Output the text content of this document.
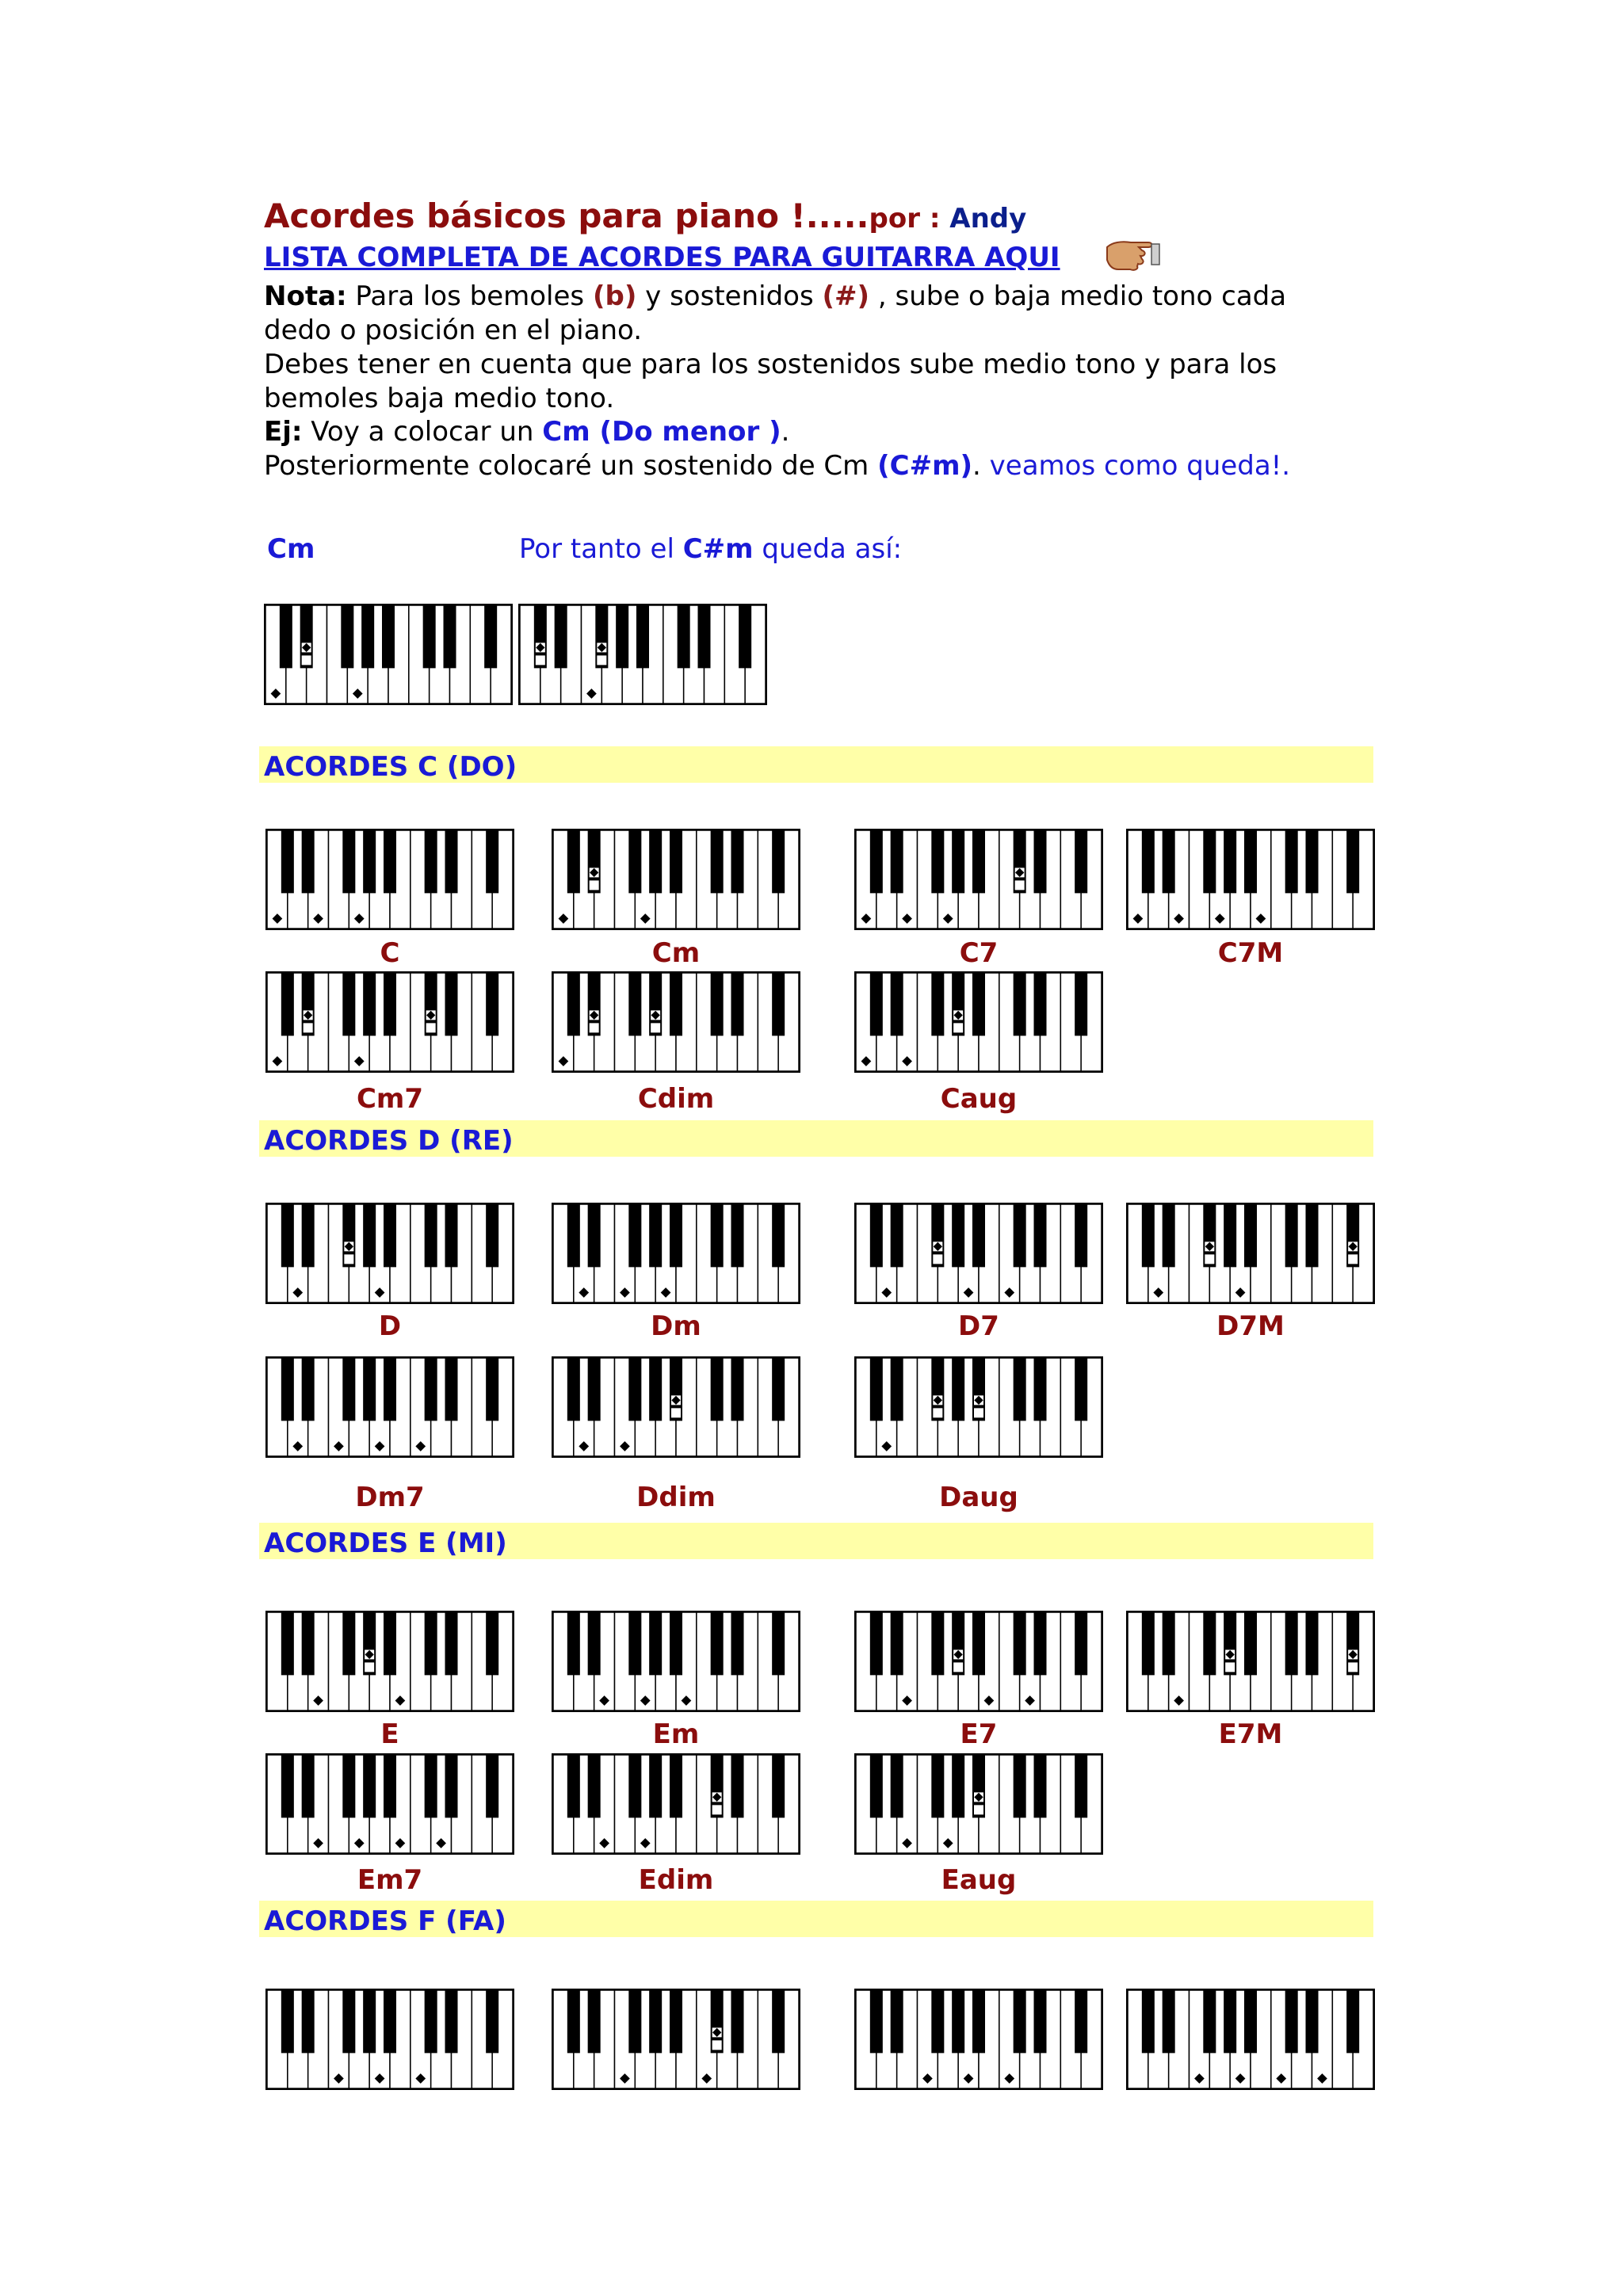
Acordes básicos para piano !.....por : Andy
LISTA COMPLETA DE ACORDES PARA GUITARRA AQUI
Nota: Para los bemoles (b) y sostenidos (#) , sube o baja medio tono cada
dedo o posición en el piano.
Debes tener en cuenta que para los sostenidos sube medio tono y para los
bemoles baja medio tono.
Ej: Voy a colocar un Cm (Do menor ).
Posteriormente colocaré un sostenido de Cm (C#m). veamos como queda!.
Cm	Por tanto el C#m queda así:
ACORDES C (DO)
C	Cm	C7	C7M
Cm7	Cdim	Caug
ACORDES D (RE)
D	Dm	D7	D7M
Dm7	Ddim	Daug
ACORDES E (MI)
E	Em	E7	E7M
Em7	Edim	Eaug
ACORDES F (FA)
